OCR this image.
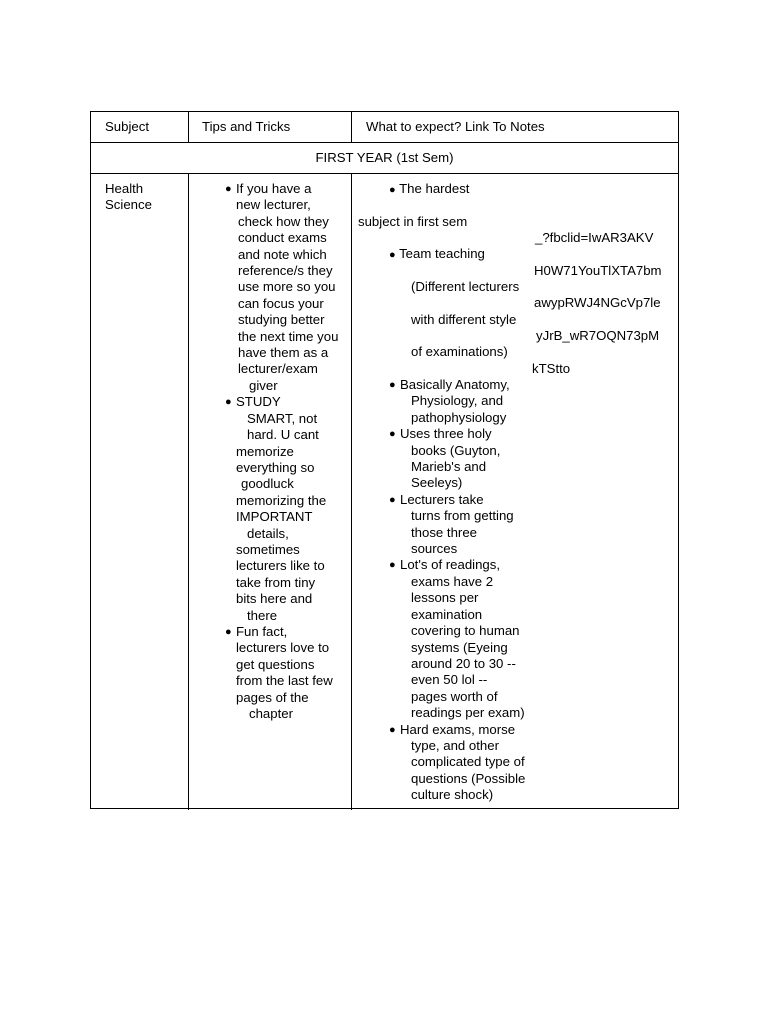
Subject	Tips and Tricks	What to expect? Link To Notes
FIRST YEAR (1st Sem)
Health
Science
● If you have a
new lecturer,
check how they
conduct exams
and note which
reference/s they
use more so you
can focus your
studying better
the next time you
have them as a
lecturer/exam
giver
● STUDY
SMART, not
hard. U cant
memorize
everything so
goodluck
memorizing the
IMPORTANT
details,
sometimes
lecturers like to
take from tiny
bits here and
there
● Fun fact,
lecturers love to
get questions
from the last few
pages of the
chapter
● The hardest
subject in first sem
● Team teaching
(Different lecturers
with different style
of examinations)
_?fbclid=IwAR3AKV
H0W71YouTlXTA7bm
awypRWJ4NGcVp7le
yJrB_wR7OQN73pM
kTStto
● Basically Anatomy,
Physiology, and
pathophysiology
● Uses three holy
books (Guyton,
Marieb's and
Seeleys)
● Lecturers take
turns from getting
those three
sources
● Lot's of readings,
exams have 2
lessons per
examination
covering to human
systems (Eyeing
around 20 to 30 --
even 50 lol --
pages worth of
readings per exam)
● Hard exams, morse
type, and other
complicated type of
questions (Possible
culture shock)
